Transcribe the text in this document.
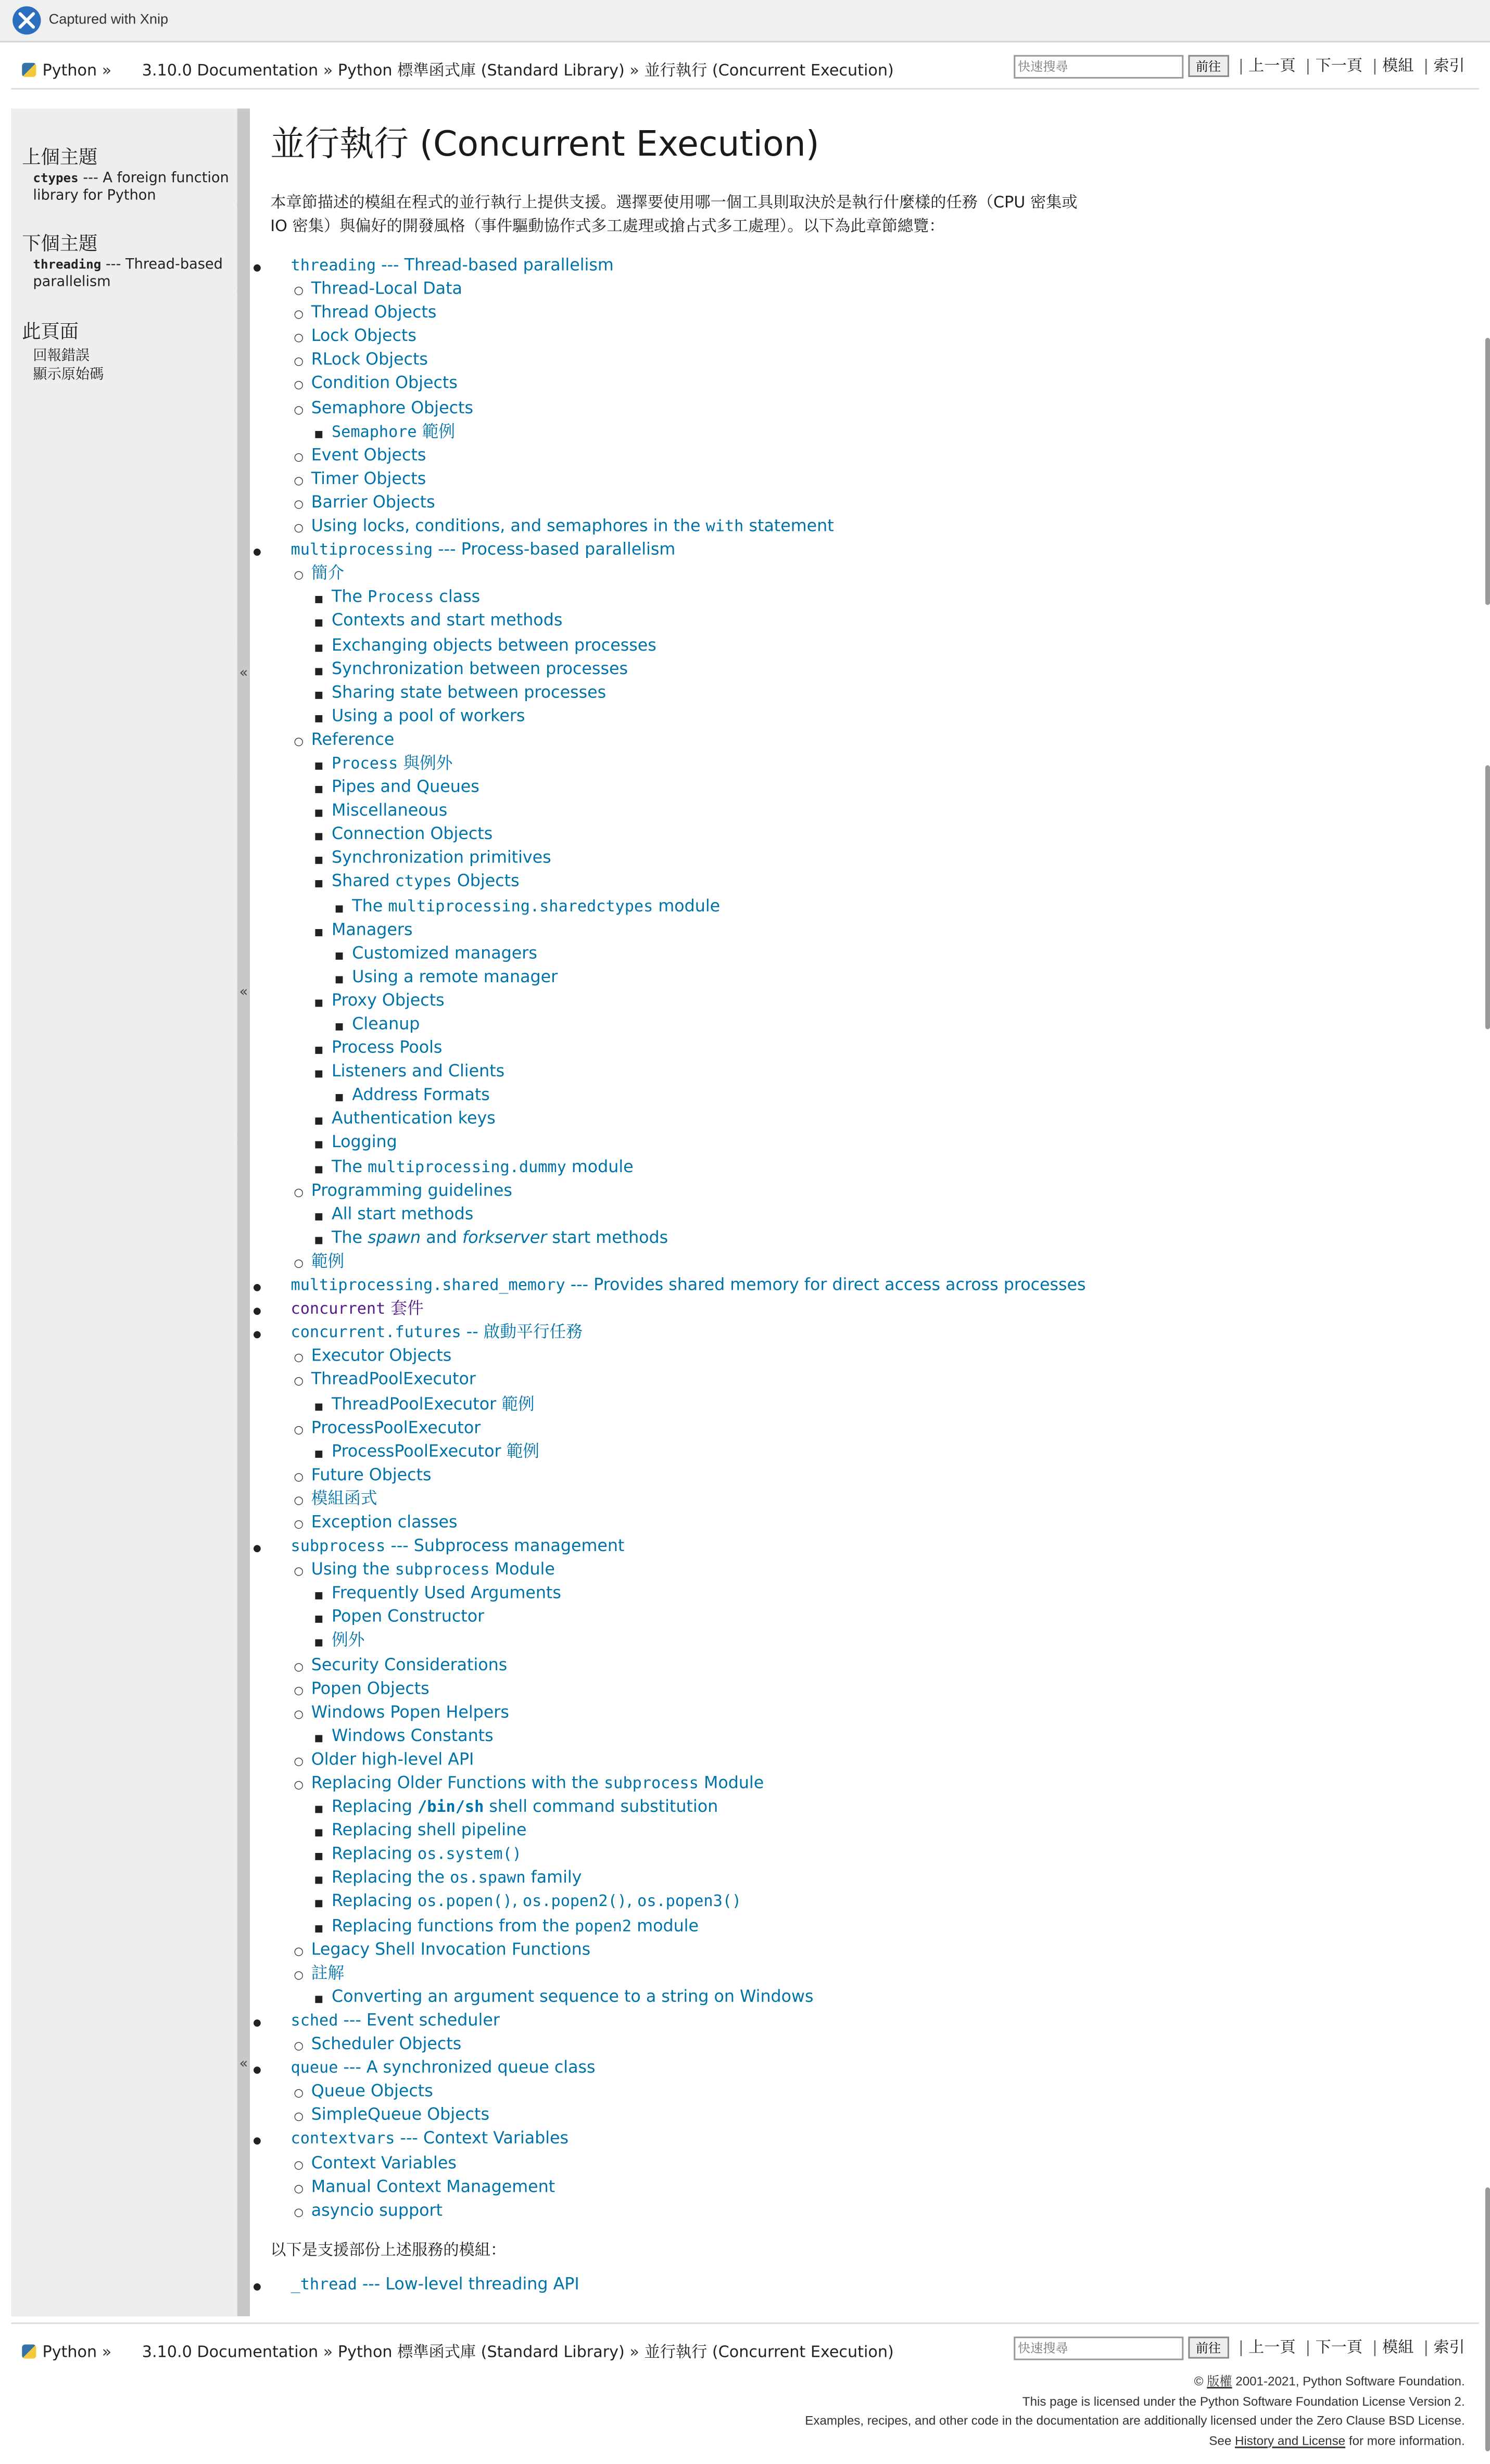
Captured with Xnip
Python »	3.10.0 Documentation » Python 標準函式庫 (Standard Library) » 並行執行 (Concurrent Execution)
快速搜尋	前往	| 上一頁 | 下一頁 | 模組 | 索引
上個主題

ctypes --- A foreign function library for Python

下個主題

threading --- Thread-based parallelism

此頁面

回報錯誤

顯示原始碼

«
«
«
並行執行 (Concurrent Execution)
本章節描述的模組在程式的並行執行上提供支援。選擇要使用哪一個工具則取決於是執行什麼樣的任務（CPU 密集或 IO 密集）與偏好的開發風格（事件驅動協作式多工處理或搶占式多工處理）。以下為此章節總覽：
● threading --- Thread-based parallelism
○ Thread-Local Data
○ Thread Objects
○ Lock Objects
○ RLock Objects
○ Condition Objects
○ Semaphore Objects
■ Semaphore 範例
○ Event Objects
○ Timer Objects
○ Barrier Objects
○ Using locks, conditions, and semaphores in the with statement
● multiprocessing --- Process-based parallelism
○ 簡介
■ The Process class
■ Contexts and start methods
■ Exchanging objects between processes
■ Synchronization between processes
■ Sharing state between processes
■ Using a pool of workers
○ Reference
■ Process 與例外
■ Pipes and Queues
■ Miscellaneous
■ Connection Objects
■ Synchronization primitives
■ Shared ctypes Objects
■ The multiprocessing.sharedctypes module
■ Managers
■ Customized managers
■ Using a remote manager
■ Proxy Objects
■ Cleanup
■ Process Pools
■ Listeners and Clients
■ Address Formats
■ Authentication keys
■ Logging
■ The multiprocessing.dummy module
○ Programming guidelines
■ All start methods
■ The spawn and forkserver start methods
○ 範例
● multiprocessing.shared_memory --- Provides shared memory for direct access across processes
● concurrent 套件
● concurrent.futures -- 啟動平行任務
○ Executor Objects
○ ThreadPoolExecutor
■ ThreadPoolExecutor 範例
○ ProcessPoolExecutor
■ ProcessPoolExecutor 範例
○ Future Objects
○ 模組函式
○ Exception classes
● subprocess --- Subprocess management
○ Using the subprocess Module
■ Frequently Used Arguments
■ Popen Constructor
■ 例外
○ Security Considerations
○ Popen Objects
○ Windows Popen Helpers
■ Windows Constants
○ Older high-level API
○ Replacing Older Functions with the subprocess Module
■ Replacing /bin/sh shell command substitution
■ Replacing shell pipeline
■ Replacing os.system()
■ Replacing the os.spawn family
■ Replacing os.popen(), os.popen2(), os.popen3()
■ Replacing functions from the popen2 module
○ Legacy Shell Invocation Functions
○ 註解
■ Converting an argument sequence to a string on Windows
● sched --- Event scheduler
○ Scheduler Objects
● queue --- A synchronized queue class
○ Queue Objects
○ SimpleQueue Objects
● contextvars --- Context Variables
○ Context Variables
○ Manual Context Management
○ asyncio support
以下是支援部份上述服務的模組：
● _thread --- Low-level threading API
Python »	3.10.0 Documentation » Python 標準函式庫 (Standard Library) » 並行執行 (Concurrent Execution)
快速搜尋	前往	| 上一頁 | 下一頁 | 模組 | 索引
© 版權 2001-2021, Python Software Foundation.
This page is licensed under the Python Software Foundation License Version 2.
Examples, recipes, and other code in the documentation are additionally licensed under the Zero Clause BSD License.
See History and License for more information.
